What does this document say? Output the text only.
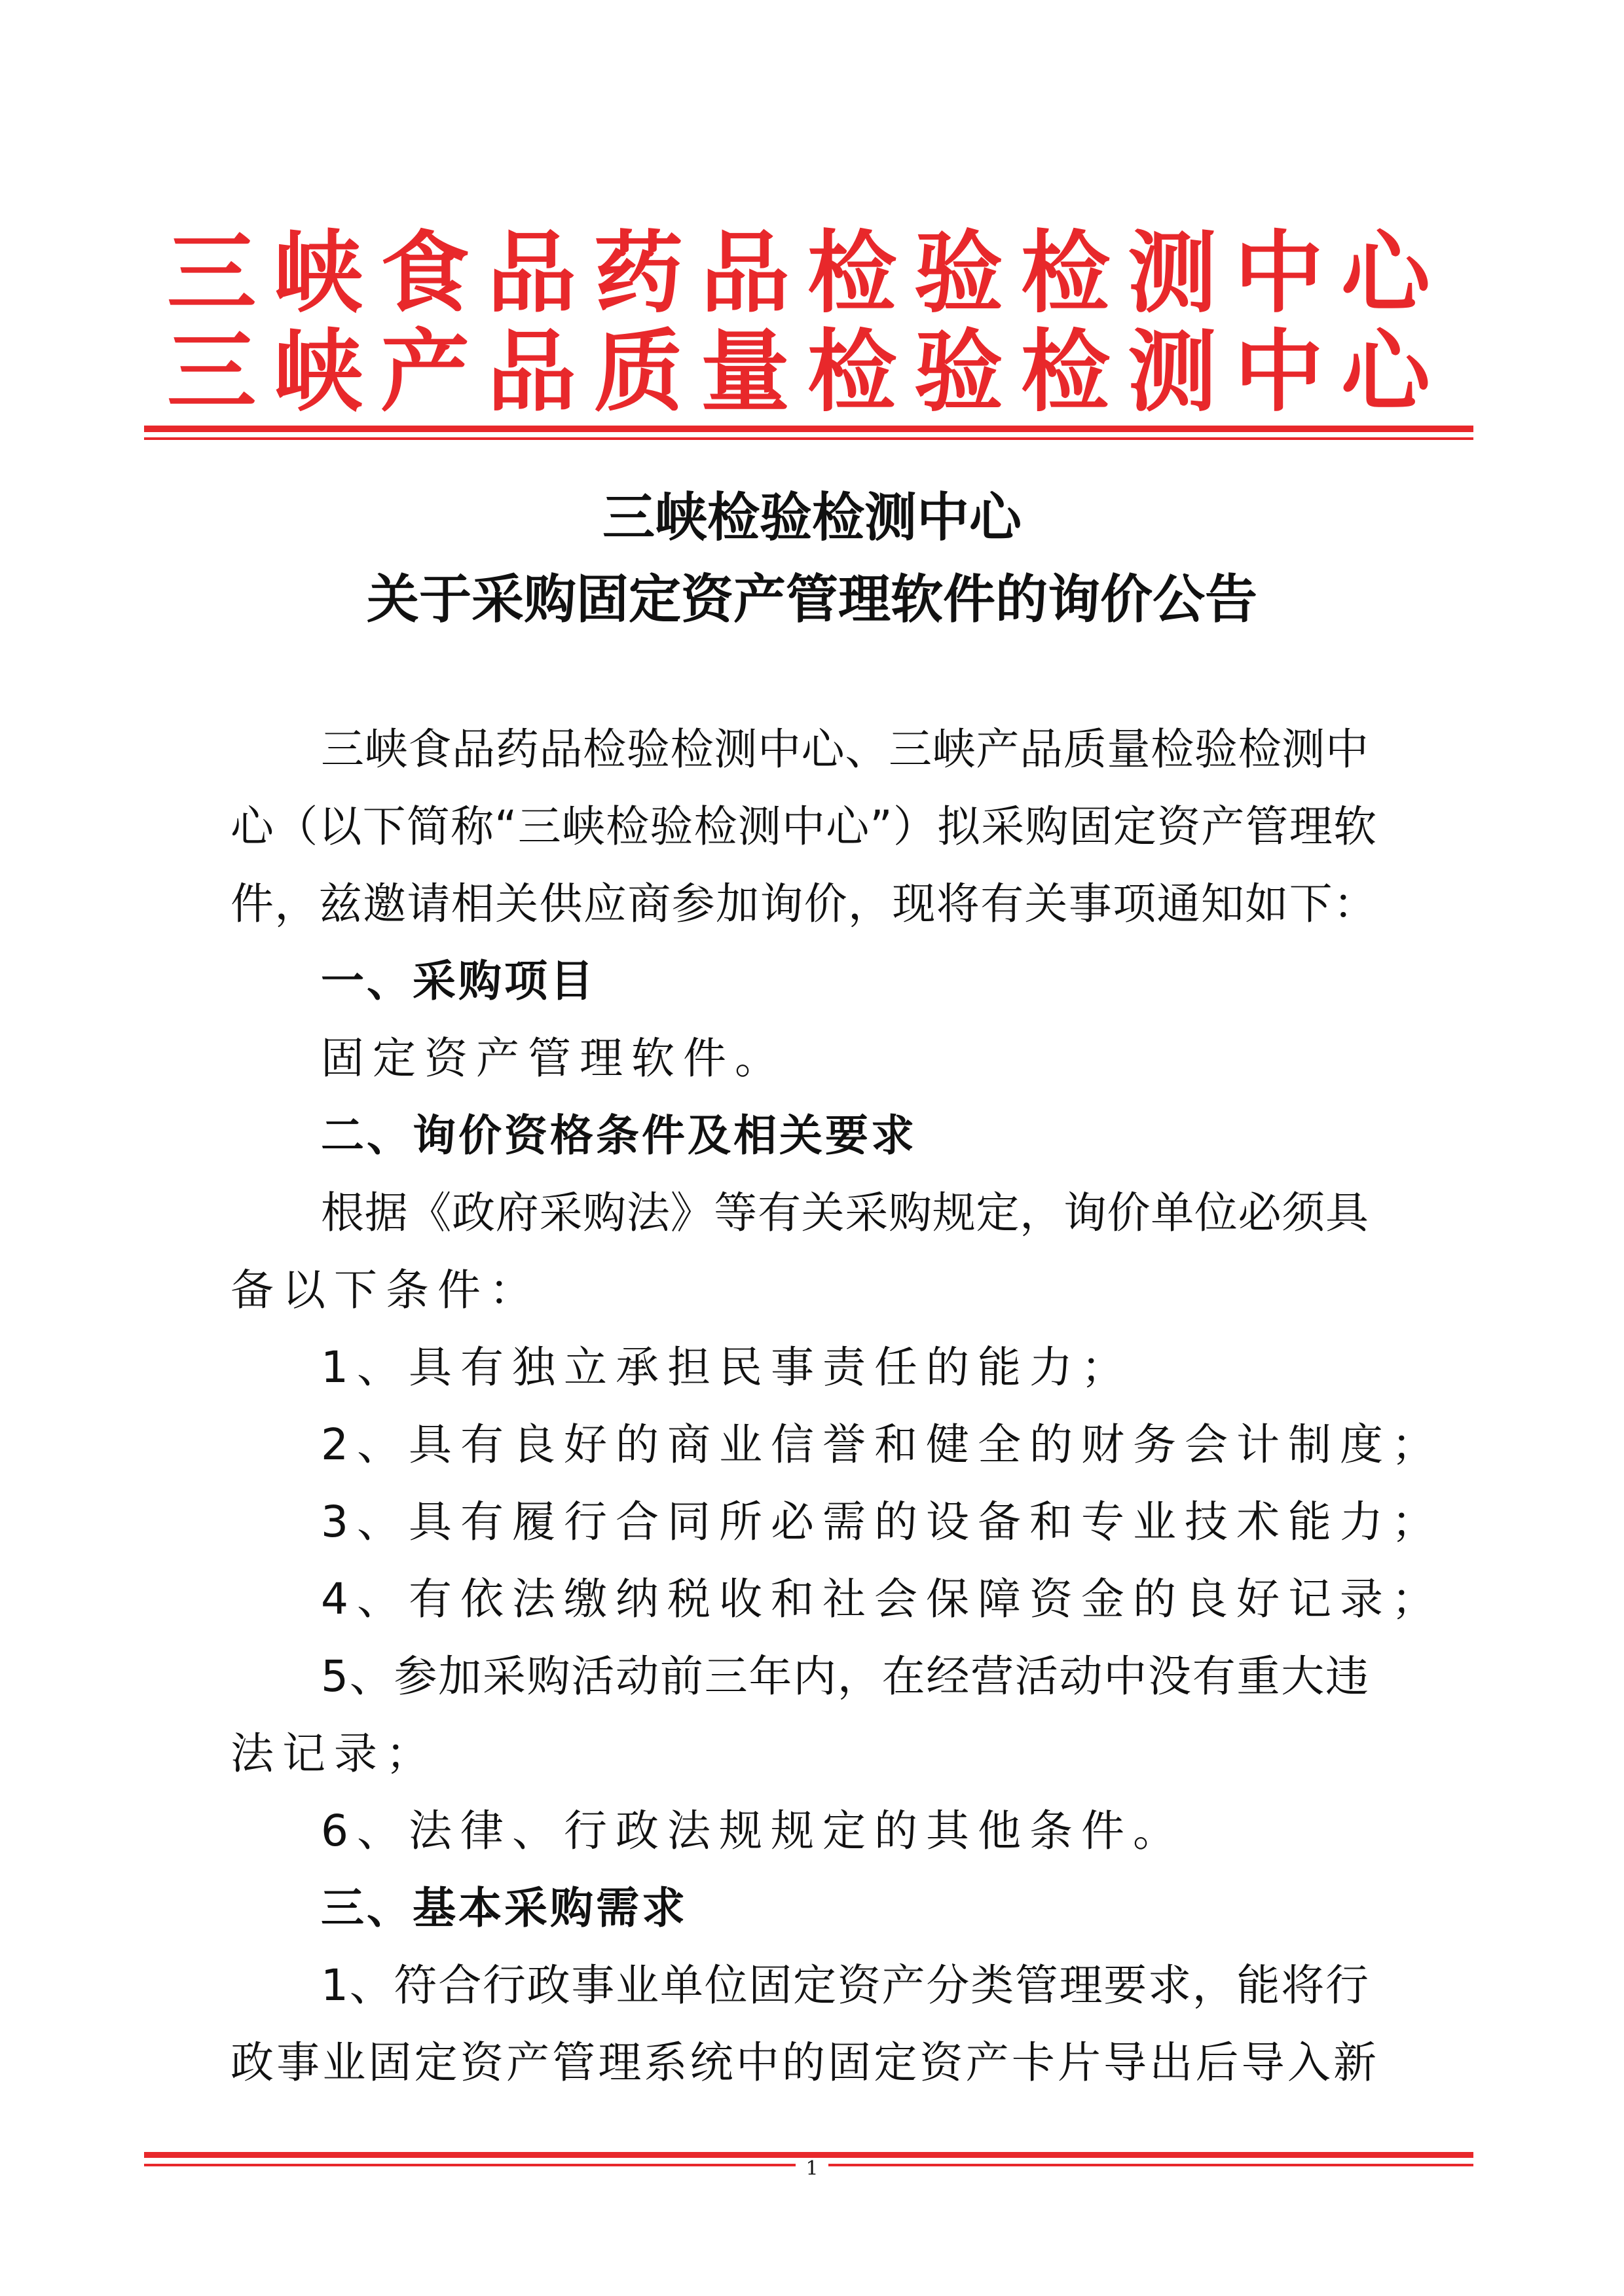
三峡食品药品检验检测中心
三峡产品质量检验检测中心
三峡检验检测中心
关于采购固定资产管理软件的询价公告
三峡食品药品检验检测中心、三峡产品质量检验检测中
心（以下简称“三峡检验检测中心”）拟采购固定资产管理软
件，兹邀请相关供应商参加询价，现将有关事项通知如下：
一、采购项目
固定资产管理软件。
二、询价资格条件及相关要求
根据《政府采购法》等有关采购规定，询价单位必须具
备以下条件：
1、具有独立承担民事责任的能力；
2、具有良好的商业信誉和健全的财务会计制度；
3、具有履行合同所必需的设备和专业技术能力；
4、有依法缴纳税收和社会保障资金的良好记录；
5、参加采购活动前三年内，在经营活动中没有重大违
法记录；
6、法律、行政法规规定的其他条件。
三、基本采购需求
1、符合行政事业单位固定资产分类管理要求，能将行
政事业固定资产管理系统中的固定资产卡片导出后导入新
1
